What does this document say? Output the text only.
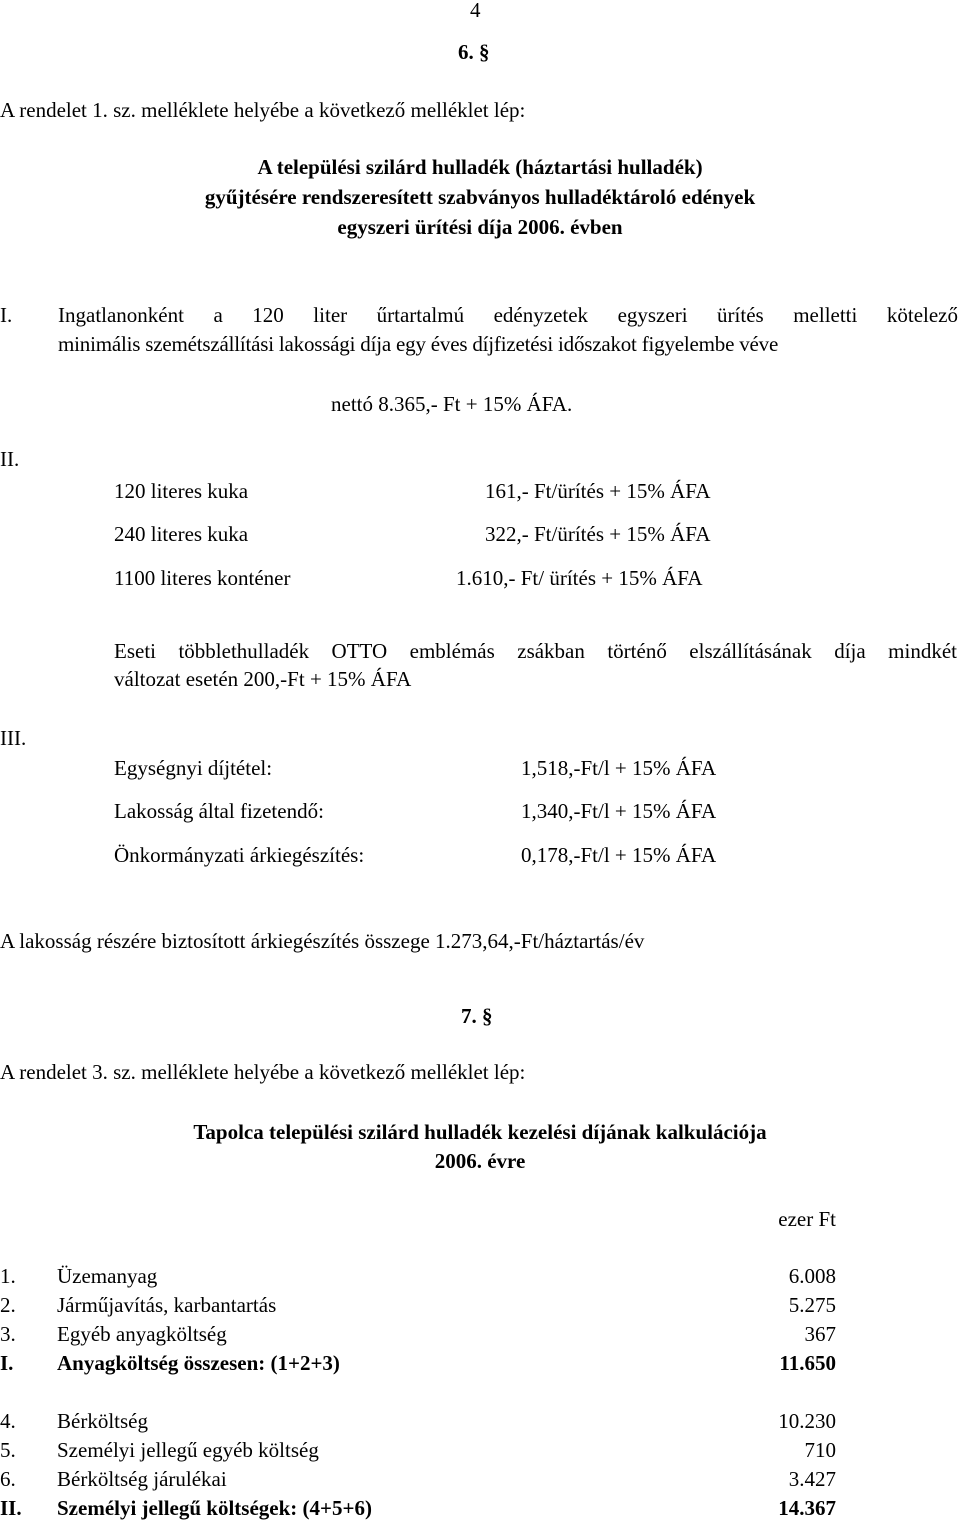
4
6. §
A rendelet 1. sz. melléklete helyébe a következő melléklet lép:
A települési szilárd hulladék (háztartási hulladék)
gyűjtésére rendszeresített szabványos hulladéktároló edények
egyszeri ürítési díja 2006. évben
I. Ingatlanonként a 120 liter űrtartalmú edényzetek egyszeri ürítés melletti kötelező
minimális szemétszállítási lakossági díja egy éves díjfizetési időszakot figyelembe véve
nettó 8.365,- Ft + 15% ÁFA.
II.
120 literes kuka	161,- Ft/ürítés + 15% ÁFA
240 literes kuka	322,- Ft/ürítés + 15% ÁFA
1100 literes konténer	1.610,- Ft/ ürítés + 15% ÁFA
Eseti többlethulladék OTTO emblémás zsákban történő elszállításának díja mindkét
változat esetén 200,-Ft + 15% ÁFA
III.
Egységnyi díjtétel:	1,518,-Ft/l + 15% ÁFA
Lakosság által fizetendő:	1,340,-Ft/l + 15% ÁFA
Önkormányzati árkiegészítés:	0,178,-Ft/l + 15% ÁFA
A lakosság részére biztosított árkiegészítés összege 1.273,64,-Ft/háztartás/év
7. §
A rendelet 3. sz. melléklete helyébe a következő melléklet lép:
Tapolca települési szilárd hulladék kezelési díjának kalkulációja
2006. évre
ezer Ft
1. Üzemanyag	6.008
2. Járműjavítás, karbantartás	5.275
3. Egyéb anyagköltség	367
I. Anyagköltség összesen: (1+2+3)	11.650
4. Bérköltség	10.230
5. Személyi jellegű egyéb költség	710
6. Bérköltség járulékai	3.427
II. Személyi jellegű költségek: (4+5+6)	14.367
